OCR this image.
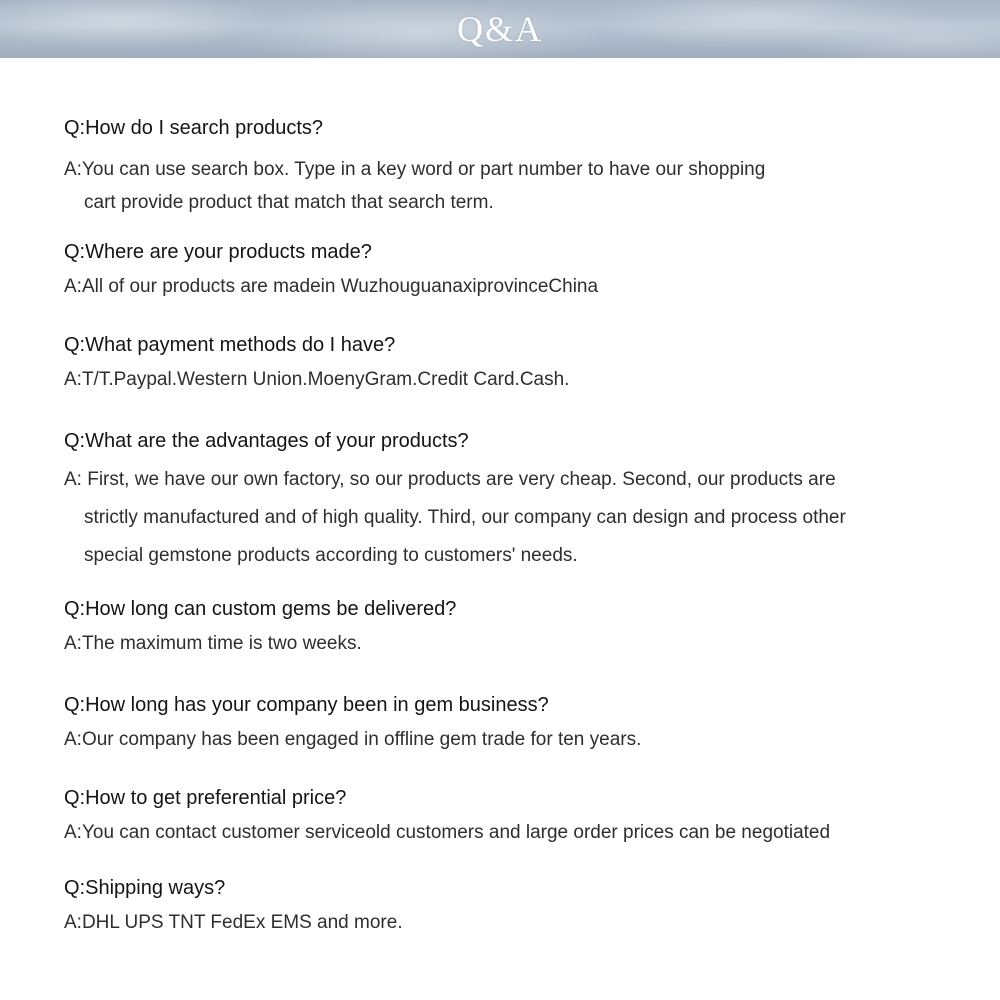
Q&A
Q:How do I search products?
A:You can use search box. Type in a key word or part number to have our shopping
cart provide product that match that search term.
Q:Where are your products made?
A:All of our products are madein WuzhouguanaxiprovinceChina
Q:What payment methods do I have?
A:T/T.Paypal.Western Union.MoenyGram.Credit Card.Cash.
Q:What are the advantages of your products?
A: First, we have our own factory, so our products are very cheap. Second, our products are
strictly manufactured and of high quality. Third, our company can design and process other
special gemstone products according to customers' needs.
Q:How long can custom gems be delivered?
A:The maximum time is two weeks.
Q:How long has your company been in gem business?
A:Our company has been engaged in offline gem trade for ten years.
Q:How to get preferential price?
A:You can contact customer serviceold customers and large order prices can be negotiated
Q:Shipping ways?
A:DHL UPS TNT FedEx EMS and more.
